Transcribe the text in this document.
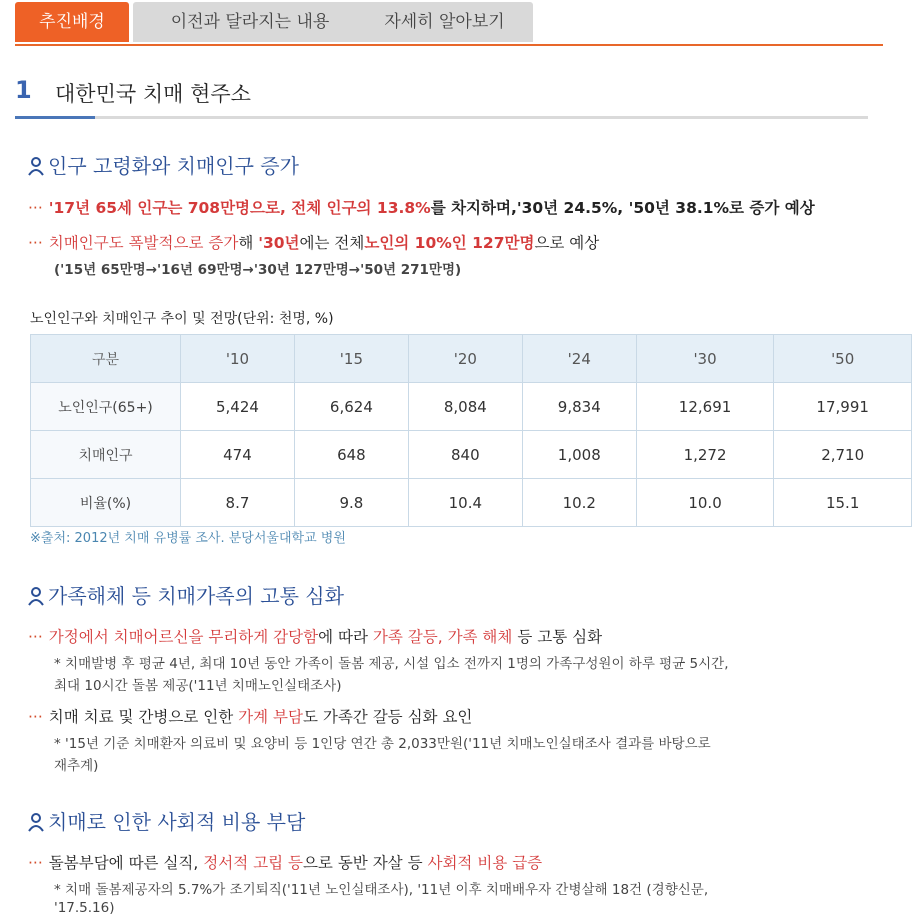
추진배경	이전과 달라지는 내용	자세히 알아보기
1 대한민국 치매 현주소
인구 고령화와 치매인구 증가
··· '17년 65세 인구는 708만명으로, 전체 인구의 13.8%를 차지하며,'30년 24.5%, '50년 38.1%로 증가 예상
··· 치매인구도 폭발적으로 증가해 '30년에는 전체노인의 10%인 127만명으로 예상
('15년 65만명→'16년 69만명→'30년 127만명→'50년 271만명)
노인인구와 치매인구 추이 및 전망(단위: 천명, %)
구분	'10	'15	'20	'24	'30	'50
노인인구(65+)	5,424	6,624	8,084	9,834	12,691	17,991
치매인구	474	648	840	1,008	1,272	2,710
비율(%)	8.7	9.8	10.4	10.2	10.0	15.1
※출처: 2012년 치매 유병률 조사. 분당서울대학교 병원
가족해체 등 치매가족의 고통 심화
··· 가정에서 치매어르신을 무리하게 감당함에 따라 가족 갈등, 가족 해체 등 고통 심화
* 치매발병 후 평균 4년, 최대 10년 동안 가족이 돌봄 제공, 시설 입소 전까지 1명의 가족구성원이 하루 평균 5시간,
최대 10시간 돌봄 제공('11년 치매노인실태조사)
··· 치매 치료 및 간병으로 인한 가계 부담도 가족간 갈등 심화 요인
* '15년 기준 치매환자 의료비 및 요양비 등 1인당 연간 총 2,033만원('11년 치매노인실태조사 결과를 바탕으로
재추계)
치매로 인한 사회적 비용 부담
··· 돌봄부담에 따른 실직, 정서적 고립 등으로 동반 자살 등 사회적 비용 급증
* 치매 돌봄제공자의 5.7%가 조기퇴직('11년 노인실태조사), '11년 이후 치매배우자 간병살해 18건 (경향신문,
'17.5.16)
